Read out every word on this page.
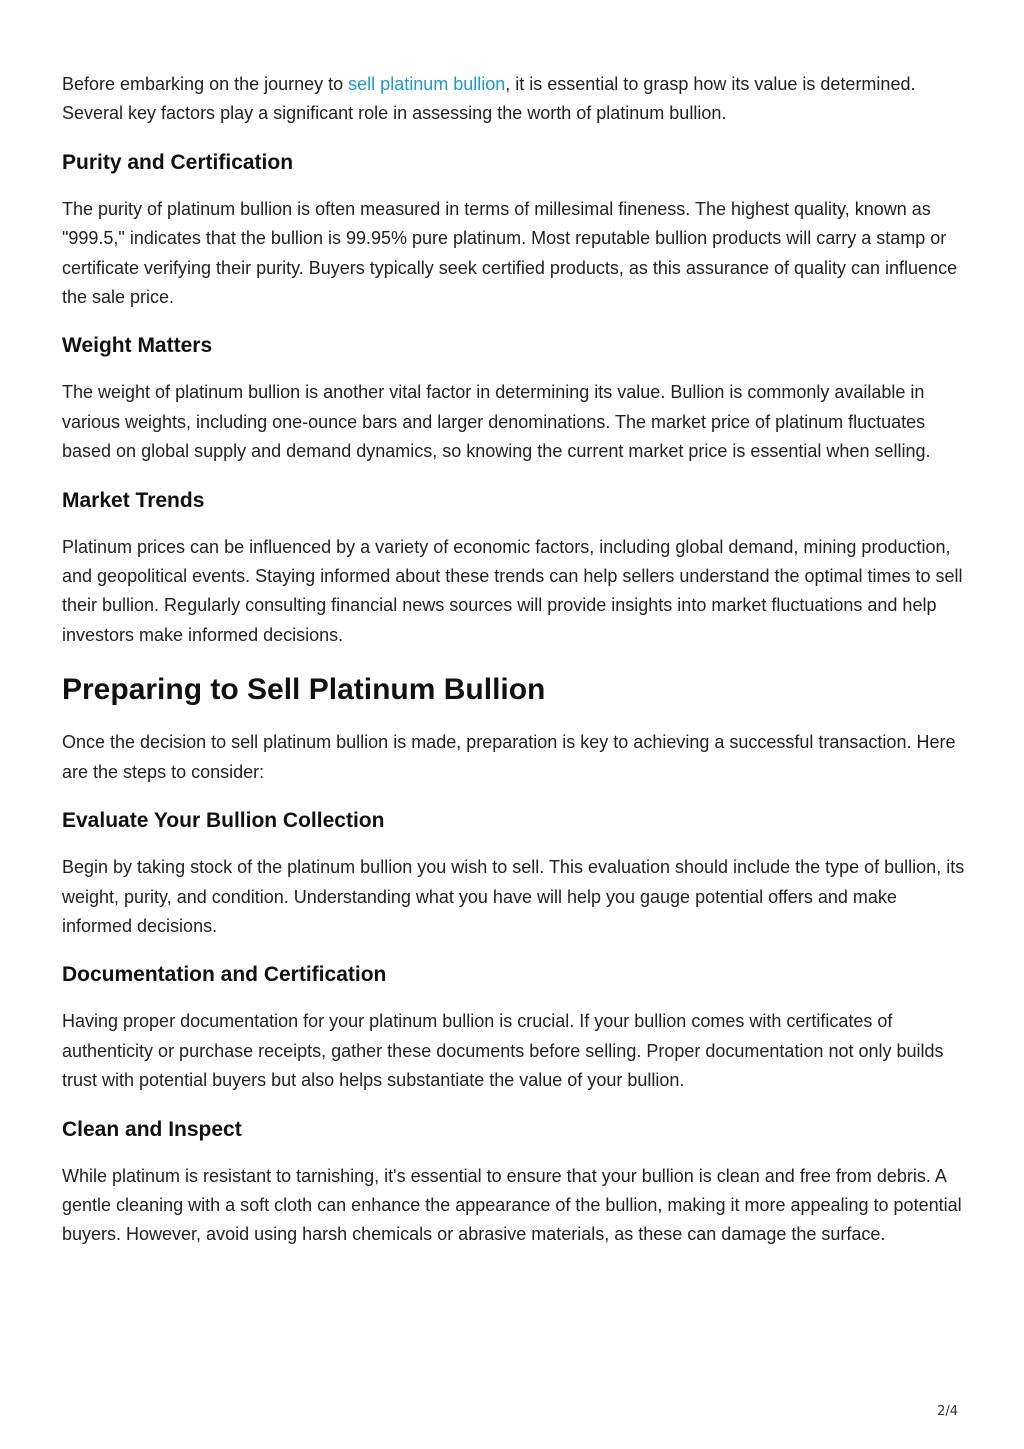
Before embarking on the journey to sell platinum bullion, it is essential to grasp how its value is determined. Several key factors play a significant role in assessing the worth of platinum bullion.

Purity and Certification

The purity of platinum bullion is often measured in terms of millesimal fineness. The highest quality, known as "999.5," indicates that the bullion is 99.95% pure platinum. Most reputable bullion products will carry a stamp or certificate verifying their purity. Buyers typically seek certified products, as this assurance of quality can influence the sale price.

Weight Matters

The weight of platinum bullion is another vital factor in determining its value. Bullion is commonly available in various weights, including one-ounce bars and larger denominations. The market price of platinum fluctuates based on global supply and demand dynamics, so knowing the current market price is essential when selling.

Market Trends

Platinum prices can be influenced by a variety of economic factors, including global demand, mining production, and geopolitical events. Staying informed about these trends can help sellers understand the optimal times to sell their bullion. Regularly consulting financial news sources will provide insights into market fluctuations and help investors make informed decisions.

Preparing to Sell Platinum Bullion

Once the decision to sell platinum bullion is made, preparation is key to achieving a successful transaction. Here are the steps to consider:

Evaluate Your Bullion Collection

Begin by taking stock of the platinum bullion you wish to sell. This evaluation should include the type of bullion, its weight, purity, and condition. Understanding what you have will help you gauge potential offers and make informed decisions.

Documentation and Certification

Having proper documentation for your platinum bullion is crucial. If your bullion comes with certificates of authenticity or purchase receipts, gather these documents before selling. Proper documentation not only builds trust with potential buyers but also helps substantiate the value of your bullion.

Clean and Inspect

While platinum is resistant to tarnishing, it's essential to ensure that your bullion is clean and free from debris. A gentle cleaning with a soft cloth can enhance the appearance of the bullion, making it more appealing to potential buyers. However, avoid using harsh chemicals or abrasive materials, as these can damage the surface.

2/4
